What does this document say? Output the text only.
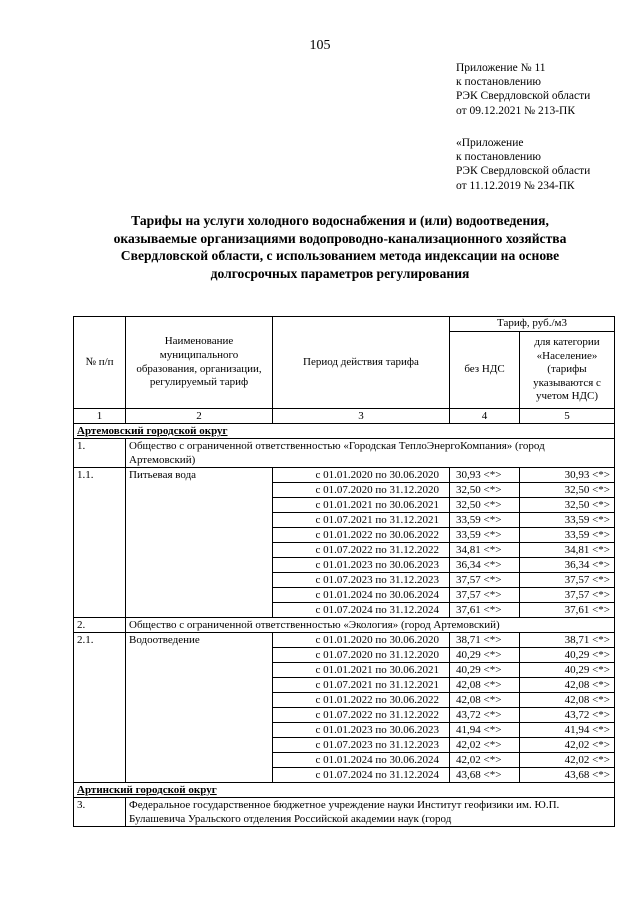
105
Приложение № 11
к постановлению
РЭК Свердловской области
от 09.12.2021 № 213-ПК
«Приложение
к постановлению
РЭК Свердловской области
от 11.12.2019 № 234-ПК
Тарифы на услуги холодного водоснабжения и (или) водоотведения,
оказываемые организациями водопроводно-канализационного хозяйства
Свердловской области, с использованием метода индексации на основе
долгосрочных параметров регулирования
№ п/п	Наименование муниципального образования, организации, регулируемый тариф	Период действия тарифа	Тариф, руб./м3	
			без НДС	для категории «Население» (тарифы указываются с учетом НДС)
1	2	3	4	5
Артемовский городской округ				
1.	Общество с ограниченной ответственностью «Городская ТеплоЭнергоКомпания» (город Артемовский)			
1.1.	Питьевая вода	с 01.01.2020 по 30.06.2020	30,93 <*>	30,93 <*>
		с 01.07.2020 по 31.12.2020	32,50 <*>	32,50 <*>
		с 01.01.2021 по 30.06.2021	32,50 <*>	32,50 <*>
		с 01.07.2021 по 31.12.2021	33,59 <*>	33,59 <*>
		с 01.01.2022 по 30.06.2022	33,59 <*>	33,59 <*>
		с 01.07.2022 по 31.12.2022	34,81 <*>	34,81 <*>
		с 01.01.2023 по 30.06.2023	36,34 <*>	36,34 <*>
		с 01.07.2023 по 31.12.2023	37,57 <*>	37,57 <*>
		с 01.01.2024 по 30.06.2024	37,57 <*>	37,57 <*>
		с 01.07.2024 по 31.12.2024	37,61 <*>	37,61 <*>
2.	Общество с ограниченной ответственностью «Экология» (город Артемовский)			
2.1.	Водоотведение	с 01.01.2020 по 30.06.2020	38,71 <*>	38,71 <*>
		с 01.07.2020 по 31.12.2020	40,29 <*>	40,29 <*>
		с 01.01.2021 по 30.06.2021	40,29 <*>	40,29 <*>
		с 01.07.2021 по 31.12.2021	42,08 <*>	42,08 <*>
		с 01.01.2022 по 30.06.2022	42,08 <*>	42,08 <*>
		с 01.07.2022 по 31.12.2022	43,72 <*>	43,72 <*>
		с 01.01.2023 по 30.06.2023	41,94 <*>	41,94 <*>
		с 01.07.2023 по 31.12.2023	42,02 <*>	42,02 <*>
		с 01.01.2024 по 30.06.2024	42,02 <*>	42,02 <*>
		с 01.07.2024 по 31.12.2024	43,68 <*>	43,68 <*>
Артинский городской округ				
3.	Федеральное государственное бюджетное учреждение науки Институт геофизики им. Ю.П. Булашевича Уральского отделения Российской академии наук (город			
